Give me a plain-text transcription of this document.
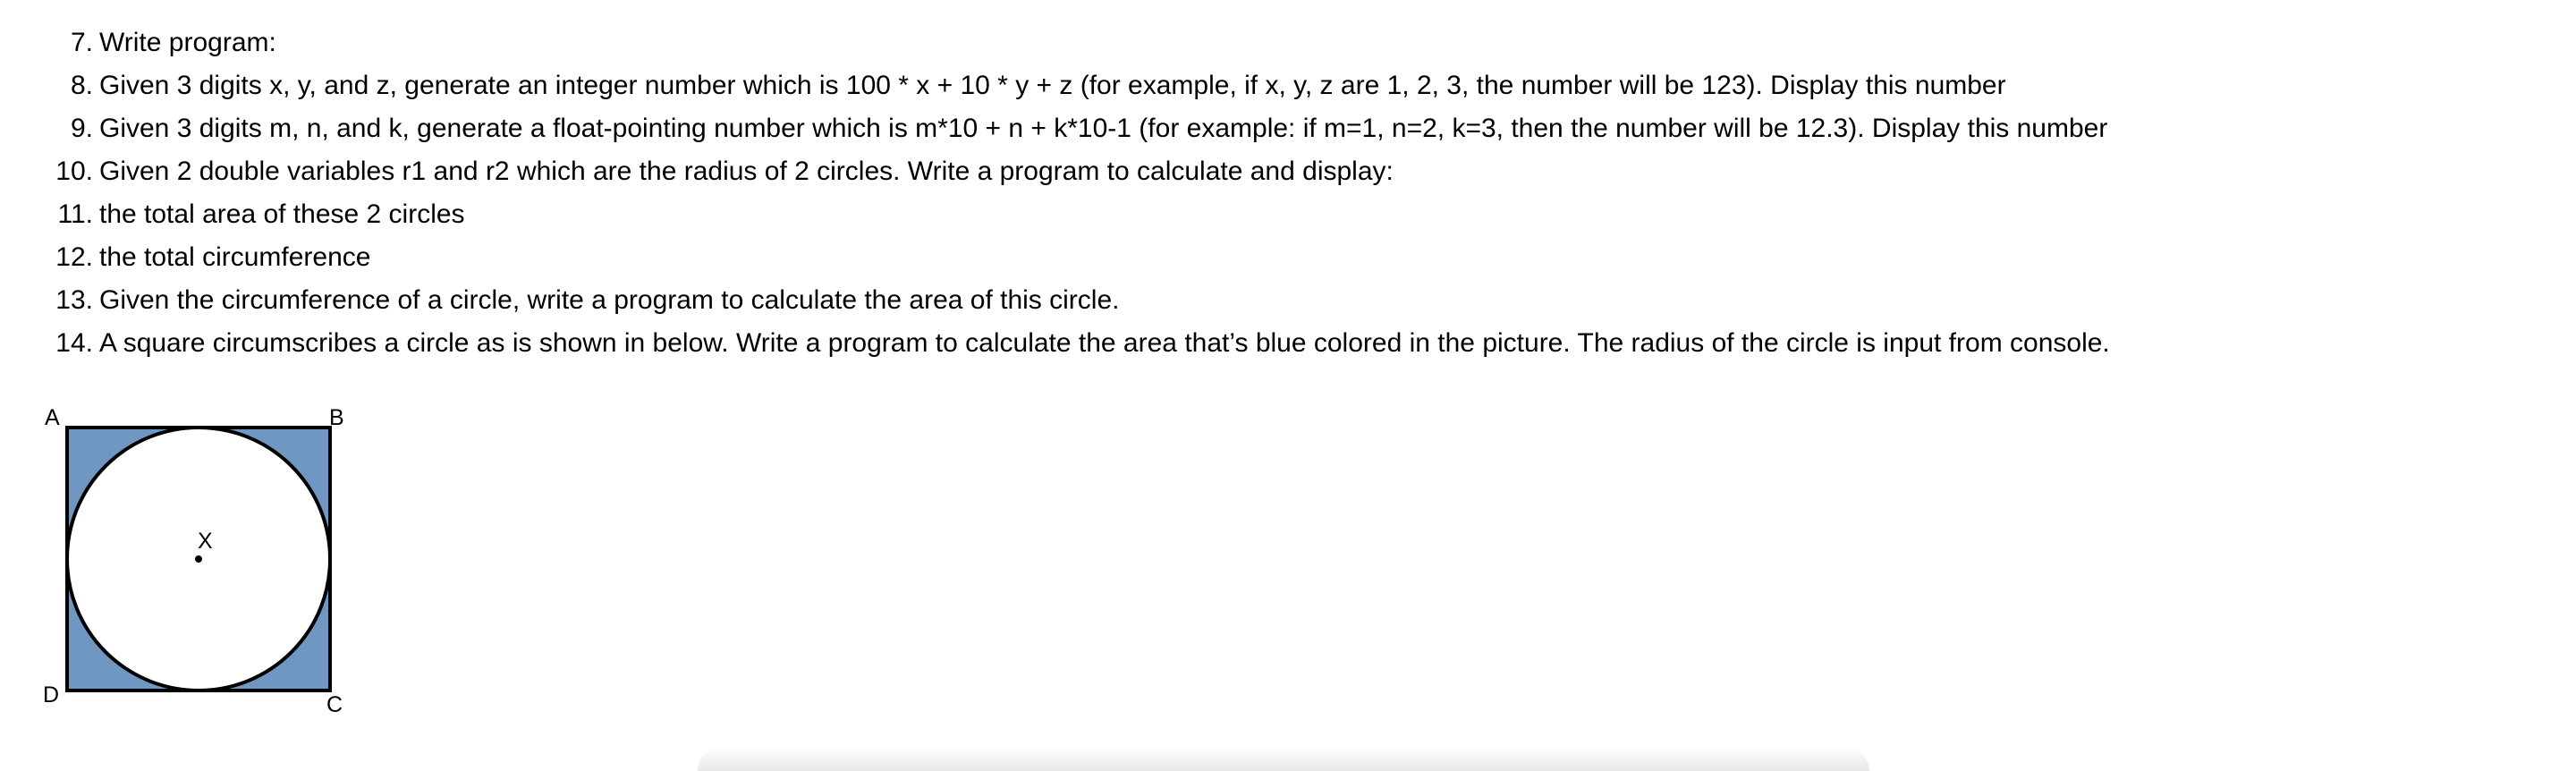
7. Write program:
8. Given 3 digits x, y, and z, generate an integer number which is 100 * x + 10 * y + z (for example, if x, y, z are 1, 2, 3, the number will be 123). Display this number
9. Given 3 digits m, n, and k, generate a float-pointing number which is m*10 + n + k*10-1 (for example: if m=1, n=2, k=3, then the number will be 12.3). Display this number
10. Given 2 double variables r1 and r2 which are the radius of 2 circles. Write a program to calculate and display:
11. the total area of these 2 circles
12. the total circumference
13. Given the circumference of a circle, write a program to calculate the area of this circle.
14. A square circumscribes a circle as is shown in below. Write a program to calculate the area that’s blue colored in the picture. The radius of the circle is input from console.
A	B
C
D
X
